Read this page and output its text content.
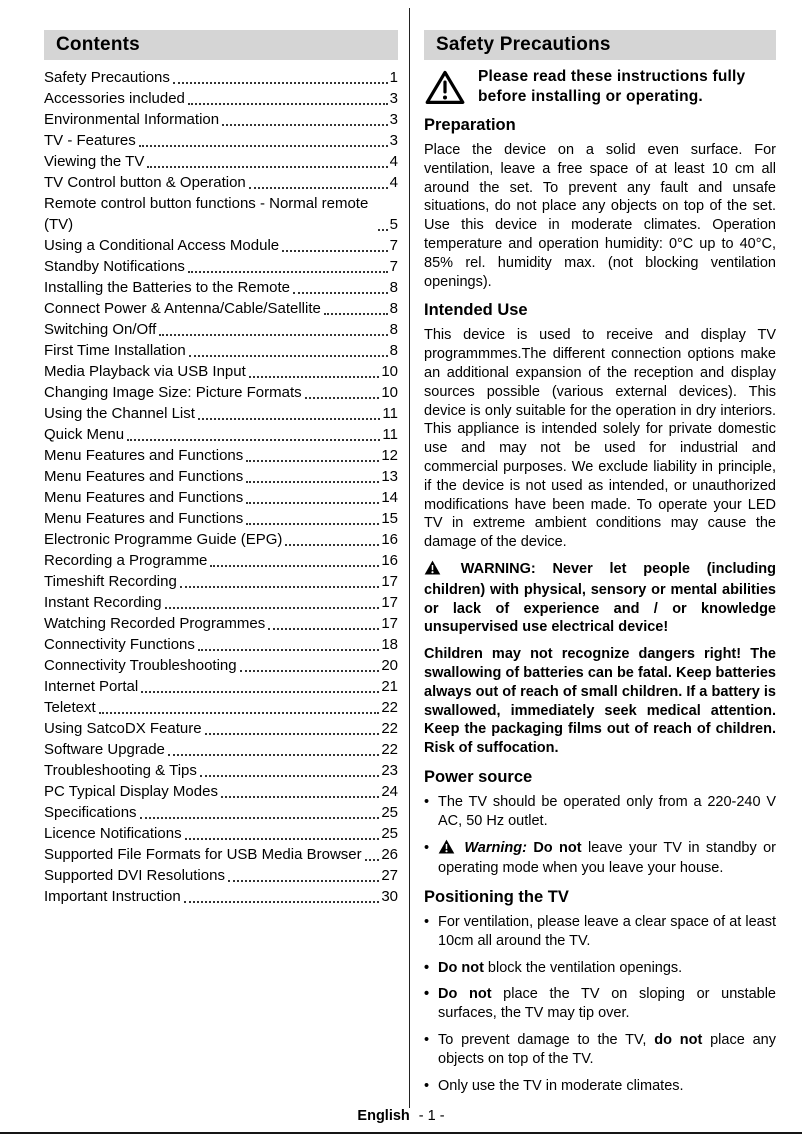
Contents
Safety Precautions	1
Accessories included	3
Environmental Information	3
TV - Features	3
Viewing the TV	4
TV Control button & Operation	4
Remote control button functions - Normal remote (TV)	5
Using a Conditional Access Module	7
Standby Notifications	7
Installing the Batteries to the Remote	8
Connect Power & Antenna/Cable/Satellite	8
Switching On/Off	8
First Time Installation	8
Media Playback via USB Input	10
Changing Image Size: Picture Formats	10
Using the Channel List	11
Quick Menu	11
Menu Features and Functions	12
Menu Features and Functions	13
Menu Features and Functions	14
Menu Features and Functions	15
Electronic Programme Guide (EPG)	16
Recording a Programme	16
Timeshift Recording	17
Instant Recording	17
Watching Recorded Programmes	17
Connectivity Functions	18
Connectivity Troubleshooting	20
Internet Portal	21
Teletext	22
Using SatcoDX Feature	22
Software Upgrade	22
Troubleshooting & Tips	23
PC Typical Display Modes	24
Specifications	25
Licence Notifications	25
Supported File Formats for USB Media Browser 26
Supported DVI Resolutions	27
Important Instruction	30
Safety Precautions
Please read these instructions fully before installing or operating.
Preparation
Place the device on a solid even surface. For ventilation, leave a free space of at least 10 cm all around the set. To prevent any fault and unsafe situations, do not place any objects on top of the set. Use this device in moderate climates. Operation temperature and operation humidity: 0°C up to 40°C, 85% rel. humidity max. (not blocking ventilation openings).
Intended Use
This device is used to receive and display TV programmmes.The different connection options make an additional expansion of the reception and display sources possible (various external devices). This device is only suitable for the operation in dry interiors. This appliance is intended solely for private domestic use and may not be used for industrial and commercial purposes. We exclude liability in principle, if the device is not used as intended, or unauthorized modifications have been made. To operate your LED TV in extreme ambient conditions may cause the damage of the device.
WARNING: Never let people (including children) with physical, sensory or mental abilities or lack of experience and / or knowledge unsupervised use electrical device!
Children may not recognize dangers right! The swallowing of batteries can be fatal. Keep batteries always out of reach of small children. If a battery is swallowed, immediately seek medical attention. Keep the packaging films out of reach of children. Risk of suffocation.
Power source
• The TV should be operated only from a 220-240 V AC, 50 Hz outlet.
•	Warning: Do not leave your TV in standby or operating mode when you leave your house.
Positioning the TV
• For ventilation, please leave a clear space of at least 10cm all around the TV.
• Do not block the ventilation openings.
• Do not place the TV on sloping or unstable surfaces, the TV may tip over.
• To prevent damage to the TV, do not place any objects on top of the TV.
• Only use the TV in moderate climates.
English - 1 -
